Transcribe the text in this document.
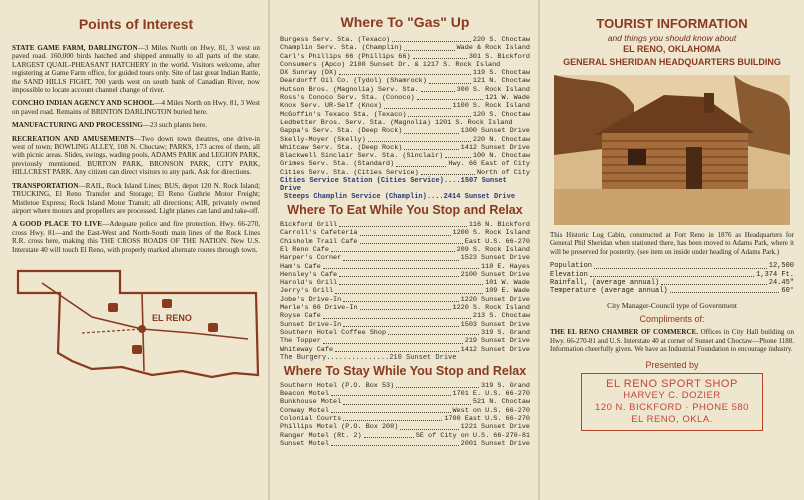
Points of Interest

STATE GAME FARM, DARLINGTON—3 Miles North on Hwy. 81, 3 west on paved road. 160,000 birds hatched and shipped annually to all parts of the state. LARGEST QUAIL-PHEASANT HATCHERY in the world. Visitors welcome, after registering at Game Farm office, for guided tours only. Site of last great Indian Battle, the SAND HILLS FIGHT, 700 yards west on south bank of Canadian River, now impossible to locate account channel change of river.

CONCHO INDIAN AGENCY AND SCHOOL—4 Miles North on Hwy. 81, 3 West on paved road. Remains of BRINTON DARLINGTON buried here.

MANUFACTURING AND PROCESSING—23 such plants here.

RECREATION AND AMUSEMENTS—Two down town theatres, one drive-in west of town; BOWLING ALLEY, 108 N. Choctaw; PARKS, 173 acres of them, all with picnic areas. Slides, swings, wading pools, ADAMS PARK and LEGION PARK, previously mentioned. BURTON PARK, BRONSON PARK, CITY PARK, HILLCREST PARK. Any citizen can direct visitors to any park. Ask for directions.

TRANSPORTATION—RAIL, Rock Island Lines; BUS, depot 120 N. Rock Island; TRUCKING, El Reno Transfer and Storage; El Reno Guthrie Motor Freight; Mistletoe Express; Rock Island Motor Transit; all directions; AIR, privately owned airport where motors and propellers are processed. Light planes can land and take-off.

A GOOD PLACE TO LIVE—Adequate police and fire protection. Hwy. 66-270, cross Hwy. 81—and the East-West and North-South main lines of the Rock Lines R.R. cross here, making this THE CROSS ROADS OF THE NATION. New U.S. Interstate 40 will touch El Reno, with properly marked alternate routes through town.

EL RENO
Where To "Gas" Up
Burgess Serv. Sta. (Texaco)	220 S. Choctaw
Champlin Serv. Sta. (Champlin)	Wade & Rock Island
Carl's Phillips 66 (Phillips 66)	301 S. Bickford
Consumers (Apco) 2100 Sunset Dr. & 1217 S. Rock Island
DX Sunray (DX)	119 S. Choctaw
Deardorff Oil Co. (Tydol) (Shamrock)	121 N. Choctaw
Hutson Bros. (Magnolia) Serv. Sta.	300 S. Rock Island
Ross's Conoco Serv. Sta. (Conoco)	121 W. Wade
Knox Serv. UR-Self (Knox)	1100 S. Rock Island
McGoffin's Texaco Sta. (Texaco)	120 S. Choctaw
Ledbetter Bros. Serv. Sta. (Magnolia) 1201 S. Rock Island
Gappa's Serv. Sta. (Deep Rock)	1300 Sunset Drive
Skelly-Moyer (Skelly)	220 N. Choctaw
Whitcaw Serv. Sta. (Deep Rock)	1412 Sunset Drive
Blackwell Sinclair Serv. Sta. (Sinclair)	100 N. Choctaw
Grimes Serv. Sta. (Standard)	Hwy. 66 East of City
Cities Serv. Sta. (Cities Service)	North of City
Cities Service Station (Cities Service)....1507 Sunset Drive
Steeps Champlin Service (Champlin)....2414 Sunset Drive
Where To Eat While You Stop and Relax
Bickford Grill	116 N. Bickford
Carroll's Cafeteria	1200 S. Rock Island
Chisholm Trail Cafe	East U.S. 66-270
El Reno Cafe	209 S. Rock Island
Harper's Corner	1523 Sunset Drive
Ham's Cafe	118 E. Hayes
Hensley's Cafe	2100 Sunset Drive
Harold's Grill	101 W. Wade
Jerry's Grill	109 E. Wade
Jobe's Drive-In	1220 Sunset Drive
Merle's 66 Drive-In	1220 S. Rock Island
Royse Cafe	213 S. Choctaw
Sunset Drive-In	1503 Sunset Drive
Southern Hotel Coffee Shop	319 S. Grand
The Topper	219 Sunset Drive
Whiteway Cafe	1412 Sunset Drive
The Burgery...............210 Sunset Drive
Where To Stay While You Stop and Relax
Southern Hotel (P.O. Box 53)	319 S. Grand
Beacon Motel	1701 E. U.S. 66-270
Bunkhouse Motel	521 N. Choctaw
Conway Motel	West on U.S. 66-270
Colonial Courts	1700 East U.S. 66-270
Phillips Motel (P.O. Box 208)	1221 Sunset Drive
Ranger Motel (Rt. 2)	SE of City on U.S. 66-270-81
Sunset Motel	2001 Sunset Drive
TOURIST INFORMATION
and things you should know about
EL RENO, OKLAHOMA
GENERAL SHERIDAN HEADQUARTERS BUILDING

This Historic Log Cabin, constructed at Fort Reno in 1876 as Headquarters for General Phil Sheridan when stationed there, has been moved to Adams Park, where it will be preserved for posterity. (see item on inside under heading of Adams Park.)

Population	12,500
Elevation	1,374 Ft.
Rainfall, (average annual)	24.45"
Temperature (average annual)	60°
City Manager-Council type of Government
Compliments of:

THE EL RENO CHAMBER OF COMMERCE. Offices in City Hall building on Hwy. 66-270-81 and U.S. Interstate 40 at corner of Sunset and Choctaw—Phone 1188. Information cheerfully given. We have an Industrial Foundation to encourage industry.

Presented by
EL RENO SPORT SHOP
HARVEY C. DOZIER
120 N. BICKFORD · PHONE 580
EL RENO, OKLA.
